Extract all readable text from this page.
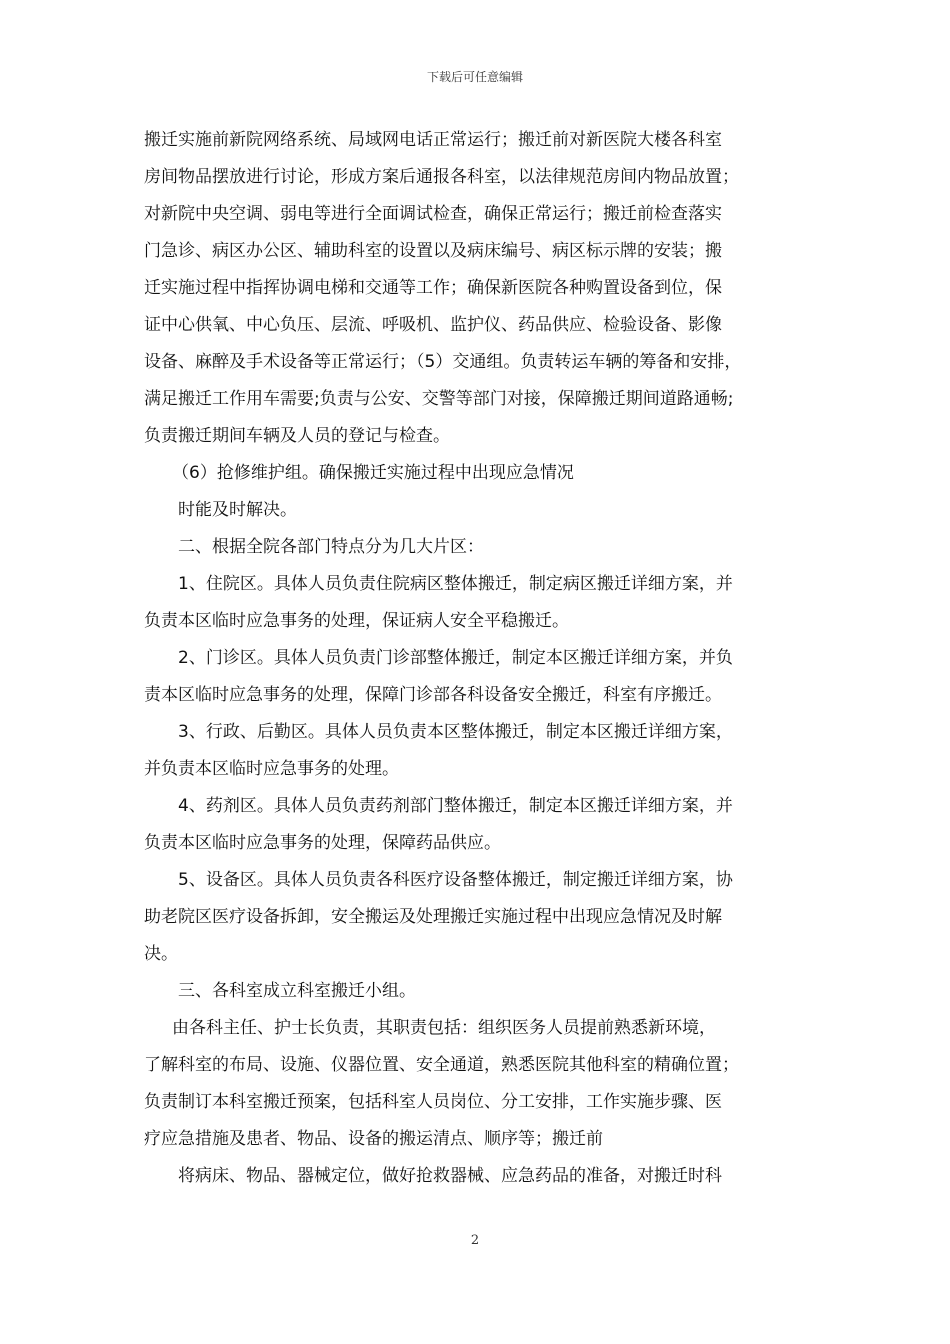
下载后可任意编辑
搬迁实施前新院网络系统、局域网电话正常运行；搬迁前对新医院大楼各科室
房间物品摆放进行讨论，形成方案后通报各科室，以法律规范房间内物品放置；
对新院中央空调、弱电等进行全面调试检查，确保正常运行；搬迁前检查落实
门急诊、病区办公区、辅助科室的设置以及病床编号、病区标示牌的安装；搬
迁实施过程中指挥协调电梯和交通等工作；确保新医院各种购置设备到位，保
证中心供氧、中心负压、层流、呼吸机、监护仪、药品供应、检验设备、影像
设备、麻醉及手术设备等正常运行；（5）交通组。负责转运车辆的筹备和安排，
满足搬迁工作用车需要;负责与公安、交警等部门对接，保障搬迁期间道路通畅;
负责搬迁期间车辆及人员的登记与检查。
（6）抢修维护组。确保搬迁实施过程中出现应急情况
时能及时解决。
二、根据全院各部门特点分为几大片区：
1、住院区。具体人员负责住院病区整体搬迁，制定病区搬迁详细方案，并
负责本区临时应急事务的处理，保证病人安全平稳搬迁。
2、门诊区。具体人员负责门诊部整体搬迁，制定本区搬迁详细方案，并负
责本区临时应急事务的处理，保障门诊部各科设备安全搬迁，科室有序搬迁。
3、行政、后勤区。具体人员负责本区整体搬迁，制定本区搬迁详细方案，
并负责本区临时应急事务的处理。
4、药剂区。具体人员负责药剂部门整体搬迁，制定本区搬迁详细方案，并
负责本区临时应急事务的处理，保障药品供应。
5、设备区。具体人员负责各科医疗设备整体搬迁，制定搬迁详细方案，协
助老院区医疗设备拆卸，安全搬运及处理搬迁实施过程中出现应急情况及时解
决。
三、各科室成立科室搬迁小组。
由各科主任、护士长负责，其职责包括：组织医务人员提前熟悉新环境，
了解科室的布局、设施、仪器位置、安全通道，熟悉医院其他科室的精确位置；
负责制订本科室搬迁预案，包括科室人员岗位、分工安排，工作实施步骤、医
疗应急措施及患者、物品、设备的搬运清点、顺序等；搬迁前
将病床、物品、器械定位，做好抢救器械、应急药品的准备，对搬迁时科
2
